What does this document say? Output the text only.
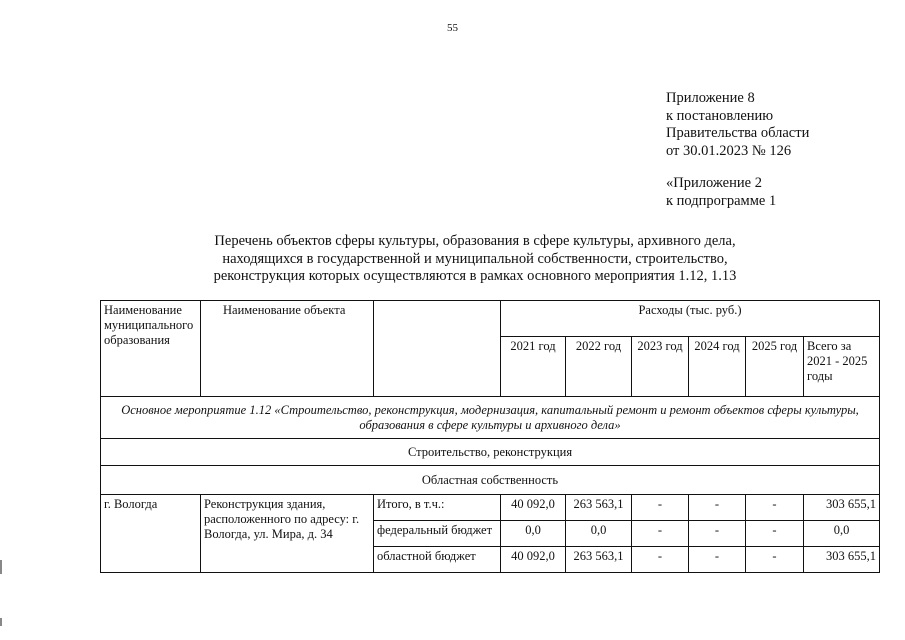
55
Приложение 8
к постановлению
Правительства области
от 30.01.2023 № 126
«Приложение 2
к подпрограмме 1
Перечень объектов сферы культуры, образования в сфере культуры, архивного дела,
находящихся в государственной и муниципальной собственности, строительство,
реконструкция которых осуществляются в рамках основного мероприятия 1.12, 1.13
Наименование муниципального образования	Наименование объекта		Расходы (тыс. руб.)					
			2021 год	2022 год	2023 год	2024 год	2025 год	Всего за 2021 - 2025 годы
Основное мероприятие 1.12 «Строительство, реконструкция, модернизация, капитальный ремонт и ремонт объектов сферы культуры, образования в сфере культуры и архивного дела»								
Строительство, реконструкция								
Областная собственность								
г. Вологда	Реконструкция здания, расположенного по адресу: г. Вологда, ул. Мира, д. 34	Итого, в т.ч.:	40 092,0	263 563,1	-	-	-	303 655,1
		федеральный бюджет	0,0	0,0	-	-	-	0,0
		областной бюджет	40 092,0	263 563,1	-	-	-	303 655,1
